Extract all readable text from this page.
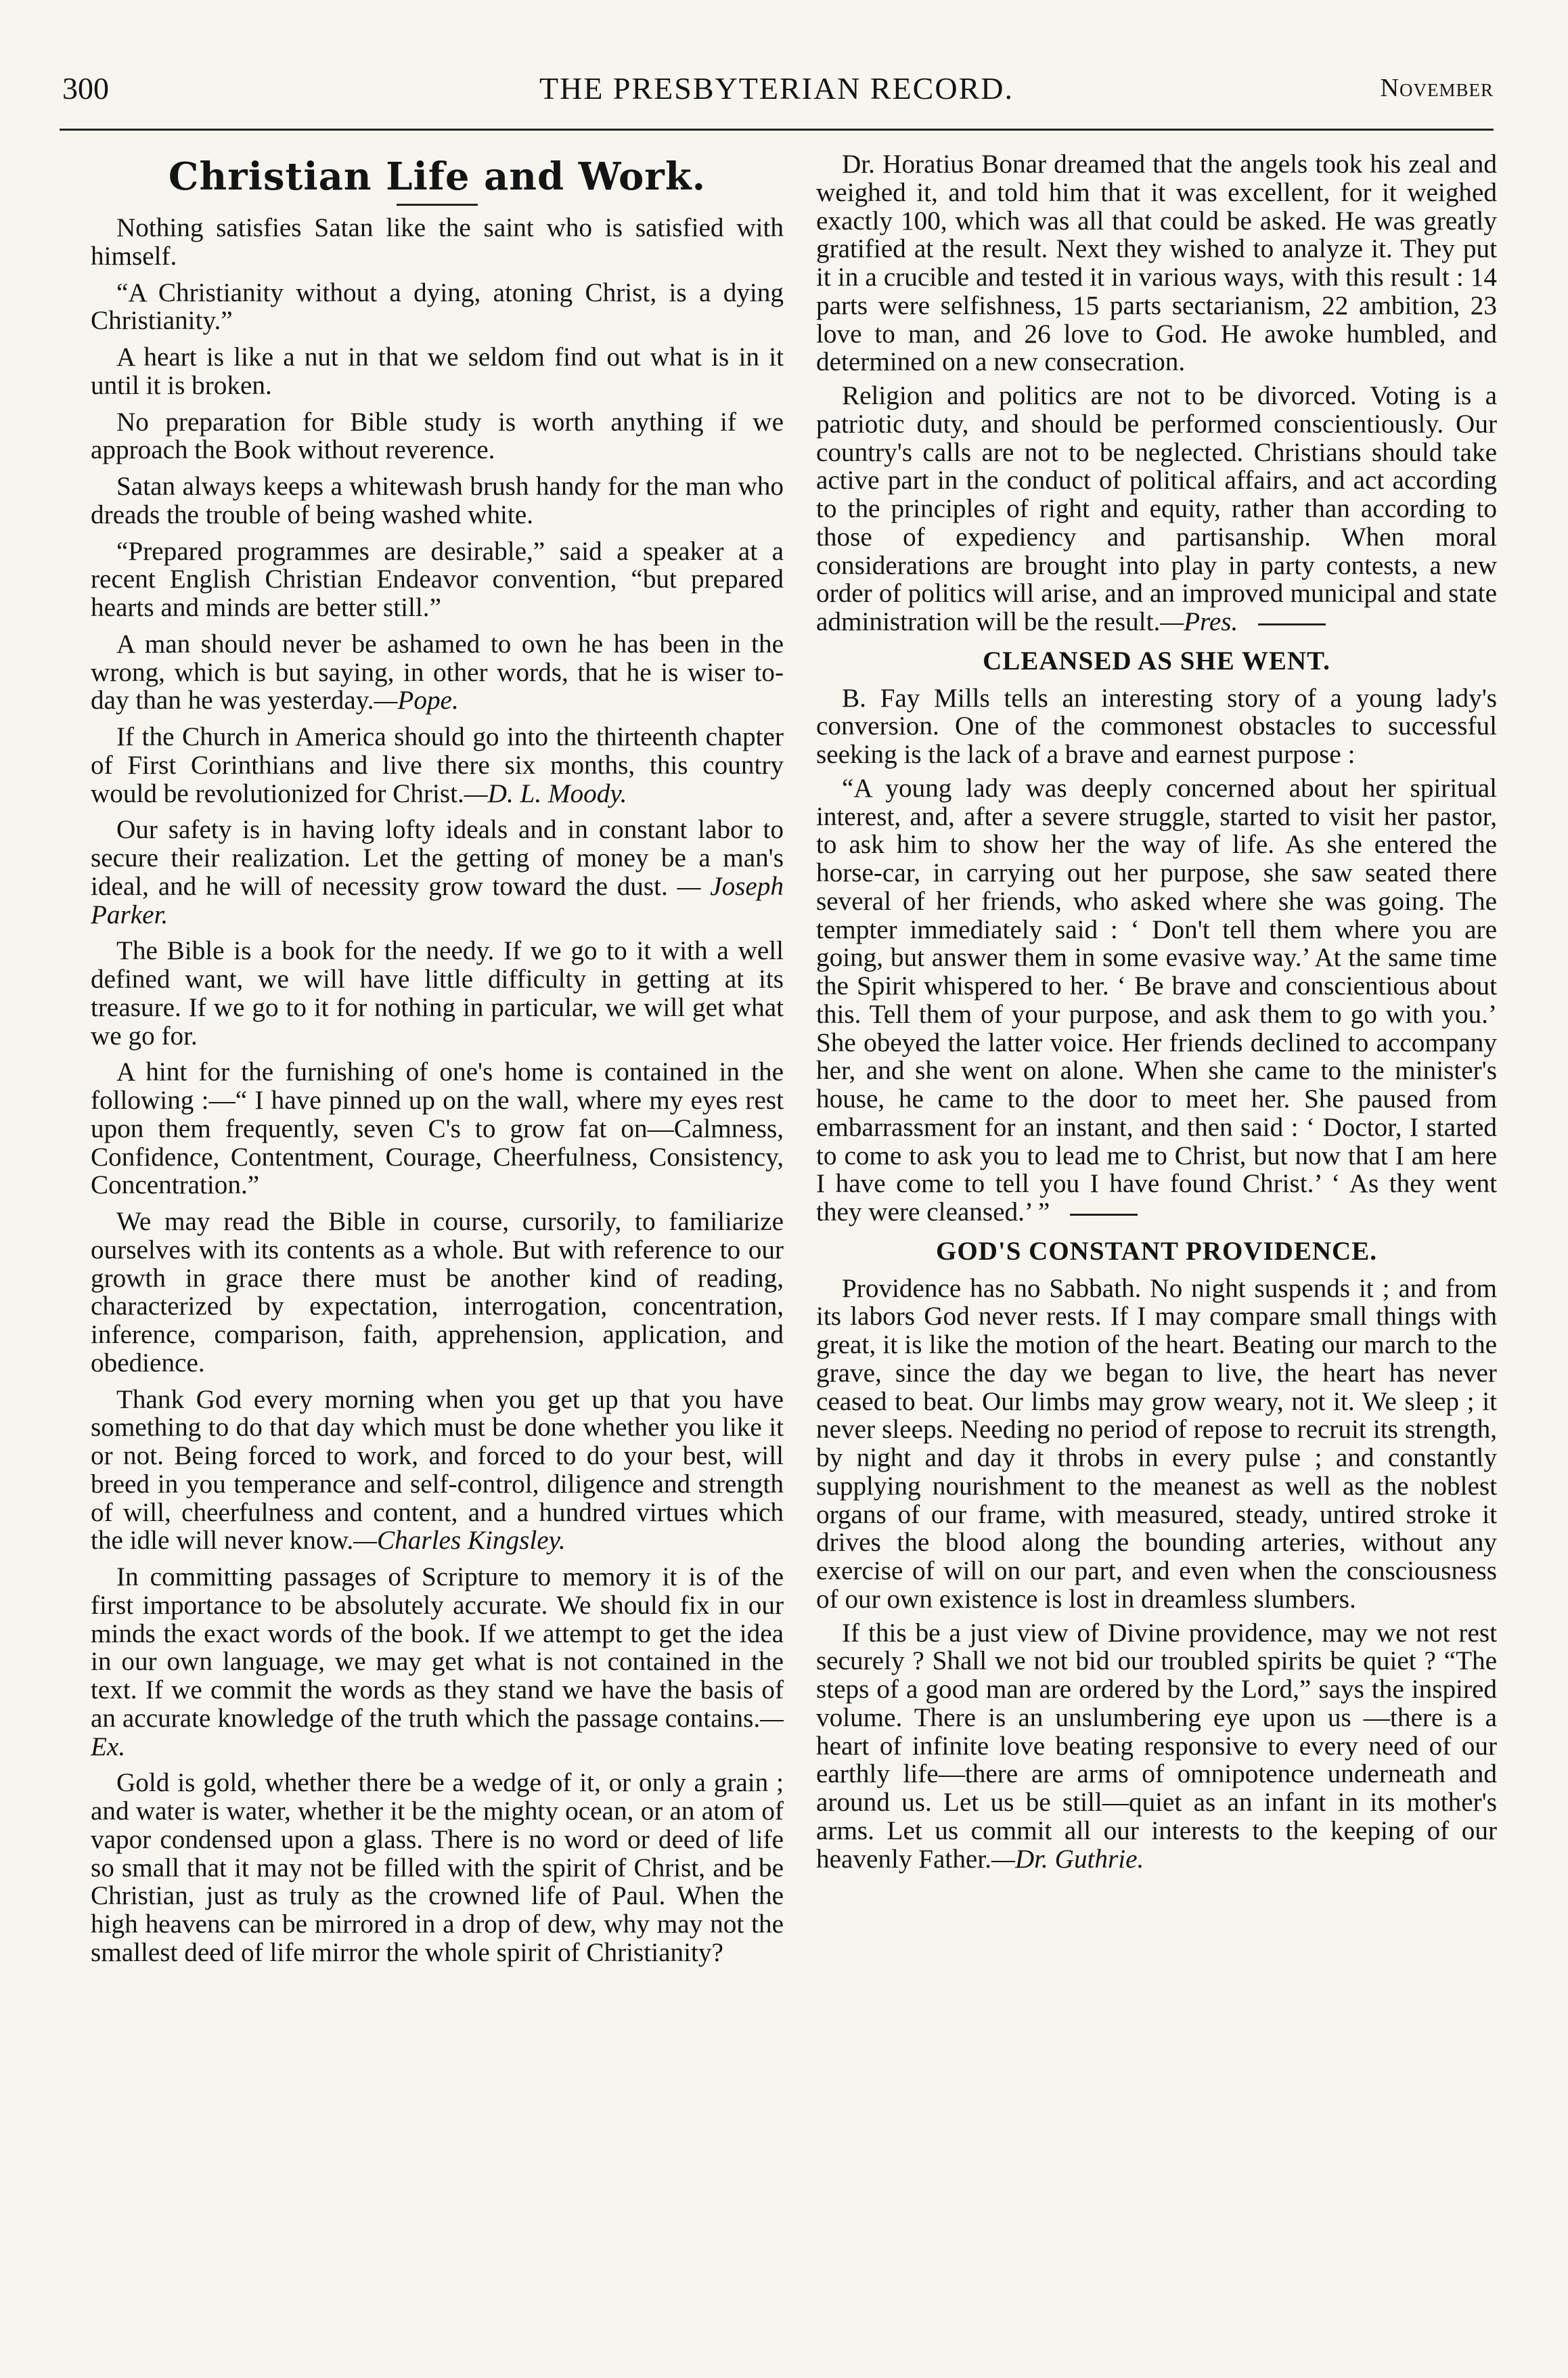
300	THE PRESBYTERIAN RECORD.	November
Christian Life and Work.

Nothing satisfies Satan like the saint who is satisfied with himself.

“A Christianity without a dying, atoning Christ, is a dying Christianity.”

A heart is like a nut in that we seldom find out what is in it until it is broken.

No preparation for Bible study is worth anything if we approach the Book without reverence.

Satan always keeps a whitewash brush handy for the man who dreads the trouble of being washed white.

“Prepared programmes are desirable,” said a speaker at a recent English Christian Endeavor convention, “but prepared hearts and minds are better still.”

A man should never be ashamed to own he has been in the wrong, which is but saying, in other words, that he is wiser to-day than he was yesterday.—Pope.

If the Church in America should go into the thirteenth chapter of First Corinthians and live there six months, this country would be revolutionized for Christ.—D. L. Moody.

Our safety is in having lofty ideals and in constant labor to secure their realization. Let the getting of money be a man's ideal, and he will of necessity grow toward the dust. — Joseph Parker.

The Bible is a book for the needy. If we go to it with a well defined want, we will have little difficulty in getting at its treasure. If we go to it for nothing in particular, we will get what we go for.

A hint for the furnishing of one's home is contained in the following :—“ I have pinned up on the wall, where my eyes rest upon them frequently, seven C's to grow fat on—Calmness, Confidence, Contentment, Courage, Cheerfulness, Consistency, Concentration.”

We may read the Bible in course, cursorily, to familiarize ourselves with its contents as a whole. But with reference to our growth in grace there must be another kind of reading, characterized by expectation, interrogation, concentration, inference, comparison, faith, apprehension, application, and obedience.

Thank God every morning when you get up that you have something to do that day which must be done whether you like it or not. Being forced to work, and forced to do your best, will breed in you temperance and self-control, diligence and strength of will, cheerfulness and content, and a hundred virtues which the idle will never know.—Charles Kingsley.

In committing passages of Scripture to memory it is of the first importance to be absolutely accurate. We should fix in our minds the exact words of the book. If we attempt to get the idea in our own language, we may get what is not contained in the text. If we commit the words as they stand we have the basis of an accurate knowledge of the truth which the passage contains.—Ex.

Gold is gold, whether there be a wedge of it, or only a grain ; and water is water, whether it be the mighty ocean, or an atom of vapor condensed upon a glass. There is no word or deed of life so small that it may not be filled with the spirit of Christ, and be Christian, just as truly as the crowned life of Paul. When the high heavens can be mirrored in a drop of dew, why may not the smallest deed of life mirror the whole spirit of Christianity?

Dr. Horatius Bonar dreamed that the angels took his zeal and weighed it, and told him that it was excellent, for it weighed exactly 100, which was all that could be asked. He was greatly gratified at the result. Next they wished to analyze it. They put it in a crucible and tested it in various ways, with this result : 14 parts were selfishness, 15 parts sectarianism, 22 ambition, 23 love to man, and 26 love to God. He awoke humbled, and determined on a new consecration.

Religion and politics are not to be divorced. Voting is a patriotic duty, and should be performed conscientiously. Our country's calls are not to be neglected. Christians should take active part in the conduct of political affairs, and act according to the principles of right and equity, rather than according to those of expediency and partisanship. When moral considerations are brought into play in party contests, a new order of politics will arise, and an improved municipal and state administration will be the result.—Pres.

CLEANSED AS SHE WENT.

B. Fay Mills tells an interesting story of a young lady's conversion. One of the commonest obstacles to successful seeking is the lack of a brave and earnest purpose :

“A young lady was deeply concerned about her spiritual interest, and, after a severe struggle, started to visit her pastor, to ask him to show her the way of life. As she entered the horse-car, in carrying out her purpose, she saw seated there several of her friends, who asked where she was going. The tempter immediately said : ‘ Don't tell them where you are going, but answer them in some evasive way.’ At the same time the Spirit whispered to her. ‘ Be brave and conscientious about this. Tell them of your purpose, and ask them to go with you.’ She obeyed the latter voice. Her friends declined to accompany her, and she went on alone. When she came to the minister's house, he came to the door to meet her. She paused from embarrassment for an instant, and then said : ‘ Doctor, I started to come to ask you to lead me to Christ, but now that I am here I have come to tell you I have found Christ.’ ‘ As they went they were cleansed.’ ”

GOD'S CONSTANT PROVIDENCE.

Providence has no Sabbath. No night suspends it ; and from its labors God never rests. If I may compare small things with great, it is like the motion of the heart. Beating our march to the grave, since the day we began to live, the heart has never ceased to beat. Our limbs may grow weary, not it. We sleep ; it never sleeps. Needing no period of repose to recruit its strength, by night and day it throbs in every pulse ; and constantly supplying nourishment to the meanest as well as the noblest organs of our frame, with measured, steady, untired stroke it drives the blood along the bounding arteries, without any exercise of will on our part, and even when the consciousness of our own existence is lost in dreamless slumbers.

If this be a just view of Divine providence, may we not rest securely ? Shall we not bid our troubled spirits be quiet ? “The steps of a good man are ordered by the Lord,” says the inspired volume. There is an unslumbering eye upon us —there is a heart of infinite love beating responsive to every need of our earthly life—there are arms of omnipotence underneath and around us. Let us be still—quiet as an infant in its mother's arms. Let us commit all our interests to the keeping of our heavenly Father.—Dr. Guthrie.
